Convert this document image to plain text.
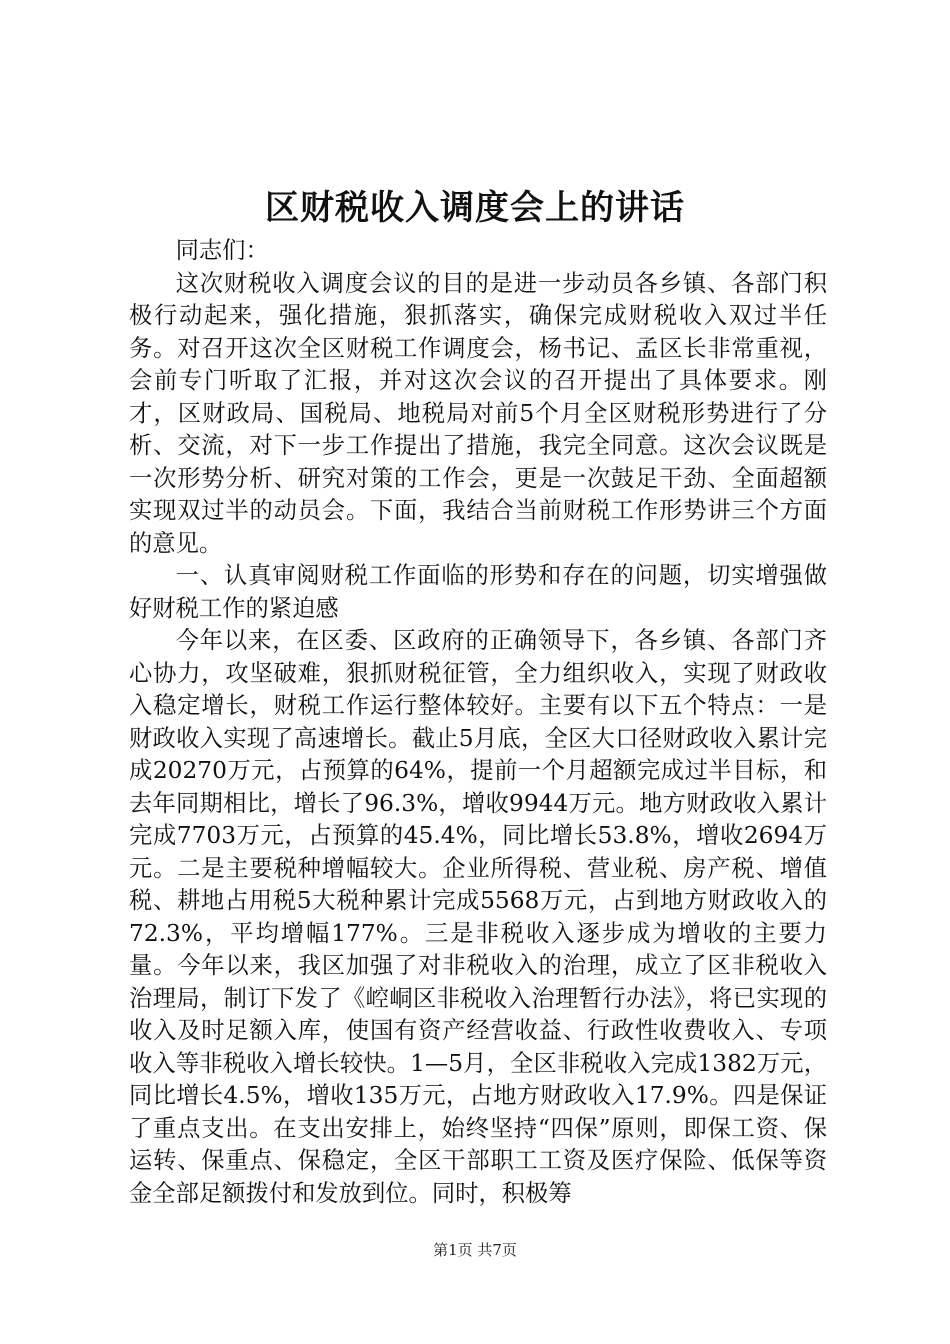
区财税收入调度会上的讲话

同志们：

这次财税收入调度会议的目的是进一步动员各乡镇、各部门积极行动起来，强化措施，狠抓落实，确保完成财税收入双过半任务。对召开这次全区财税工作调度会，杨书记、孟区长非常重视，会前专门听取了汇报，并对这次会议的召开提出了具体要求。刚才，区财政局、国税局、地税局对前5个月全区财税形势进行了分析、交流，对下一步工作提出了措施，我完全同意。这次会议既是一次形势分析、研究对策的工作会，更是一次鼓足干劲、全面超额实现双过半的动员会。下面，我结合当前财税工作形势讲三个方面的意见。

一、认真审阅财税工作面临的形势和存在的问题，切实增强做好财税工作的紧迫感

今年以来，在区委、区政府的正确领导下，各乡镇、各部门齐心协力，攻坚破难，狠抓财税征管，全力组织收入，实现了财政收入稳定增长，财税工作运行整体较好。主要有以下五个特点：一是财政收入实现了高速增长。截止5月底，全区大口径财政收入累计完成20270万元，占预算的64%，提前一个月超额完成过半目标，和去年同期相比，增长了96.3%，增收9944万元。地方财政收入累计完成7703万元，占预算的45.4%，同比增长53.8%，增收2694万元。二是主要税种增幅较大。企业所得税、营业税、房产税、增值税、耕地占用税5大税种累计完成5568万元，占到地方财政收入的72.3%，平均增幅177%。三是非税收入逐步成为增收的主要力量。今年以来，我区加强了对非税收入的治理，成立了区非税收入治理局，制订下发了《崆峒区非税收入治理暂行办法》，将已实现的收入及时足额入库，使国有资产经营收益、行政性收费收入、专项收入等非税收入增长较快。1—5月，全区非税收入完成1382万元，同比增长4.5%，增收135万元，占地方财政收入17.9%。四是保证了重点支出。在支出安排上，始终坚持“四保”原则，即保工资、保运转、保重点、保稳定，全区干部职工工资及医疗保险、低保等资金全部足额拨付和发放到位。同时，积极筹

第1页 共7页
